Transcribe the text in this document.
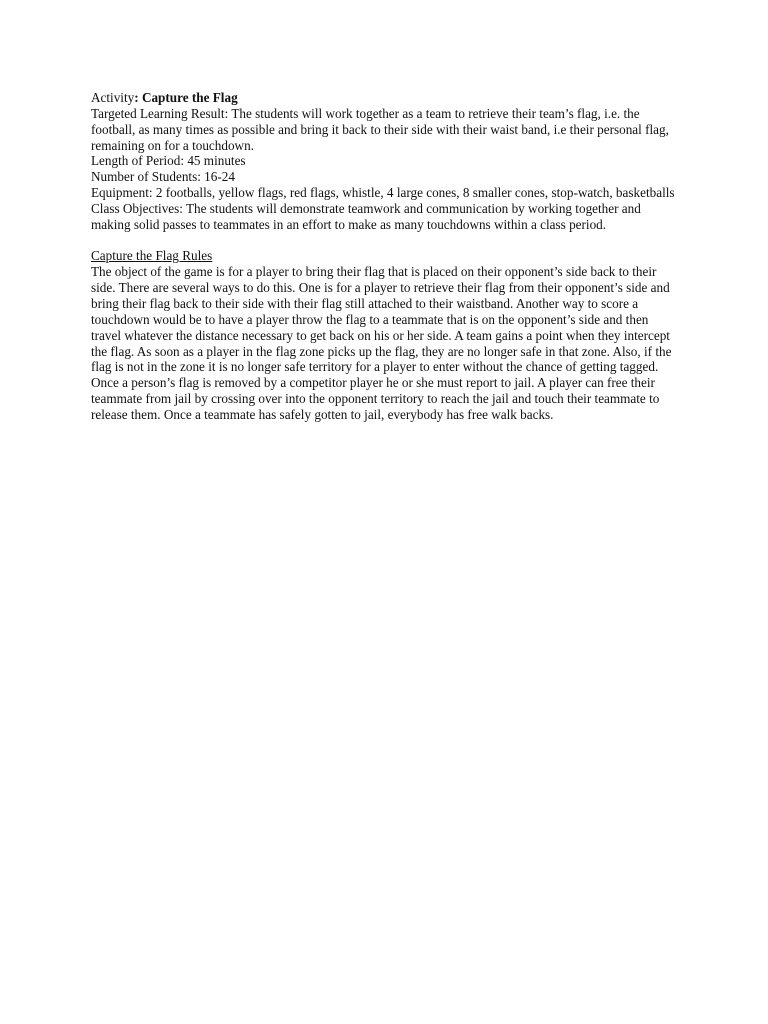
Activity: Capture the Flag
Targeted Learning Result: The students will work together as a team to retrieve their team’s flag, i.e. the football, as many times as possible and bring it back to their side with their waist band, i.e their personal flag, remaining on for a touchdown.
Length of Period: 45 minutes
Number of Students: 16-24
Equipment: 2 footballs, yellow flags, red flags, whistle, 4 large cones, 8 smaller cones, stop-watch, basketballs
Class Objectives: The students will demonstrate teamwork and communication by working together and making solid passes to teammates in an effort to make as many touchdowns within a class period.
Capture the Flag Rules
The object of the game is for a player to bring their flag that is placed on their opponent’s side back to their side. There are several ways to do this. One is for a player to retrieve their flag from their opponent’s side and bring their flag back to their side with their flag still attached to their waistband. Another way to score a touchdown would be to have a player throw the flag to a teammate that is on the opponent’s side and then travel whatever the distance necessary to get back on his or her side. A team gains a point when they intercept the flag. As soon as a player in the flag zone picks up the flag, they are no longer safe in that zone. Also, if the flag is not in the zone it is no longer safe territory for a player to enter without the chance of getting tagged. Once a person’s flag is removed by a competitor player he or she must report to jail. A player can free their teammate from jail by crossing over into the opponent territory to reach the jail and touch their teammate to release them. Once a teammate has safely gotten to jail, everybody has free walk backs.
